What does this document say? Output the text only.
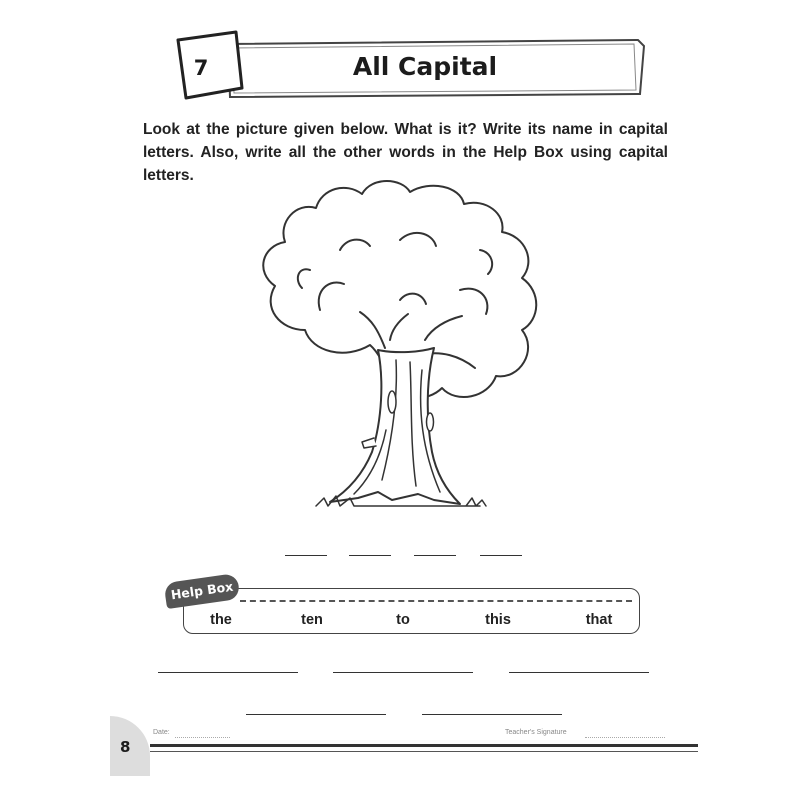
7	All Capital
Look at the picture given below. What is it? Write its name in capital letters. Also, write all the other words in the Help Box using capital letters.
Help Box
the	ten	to	this	that
8
Date:	Teacher's Signature
